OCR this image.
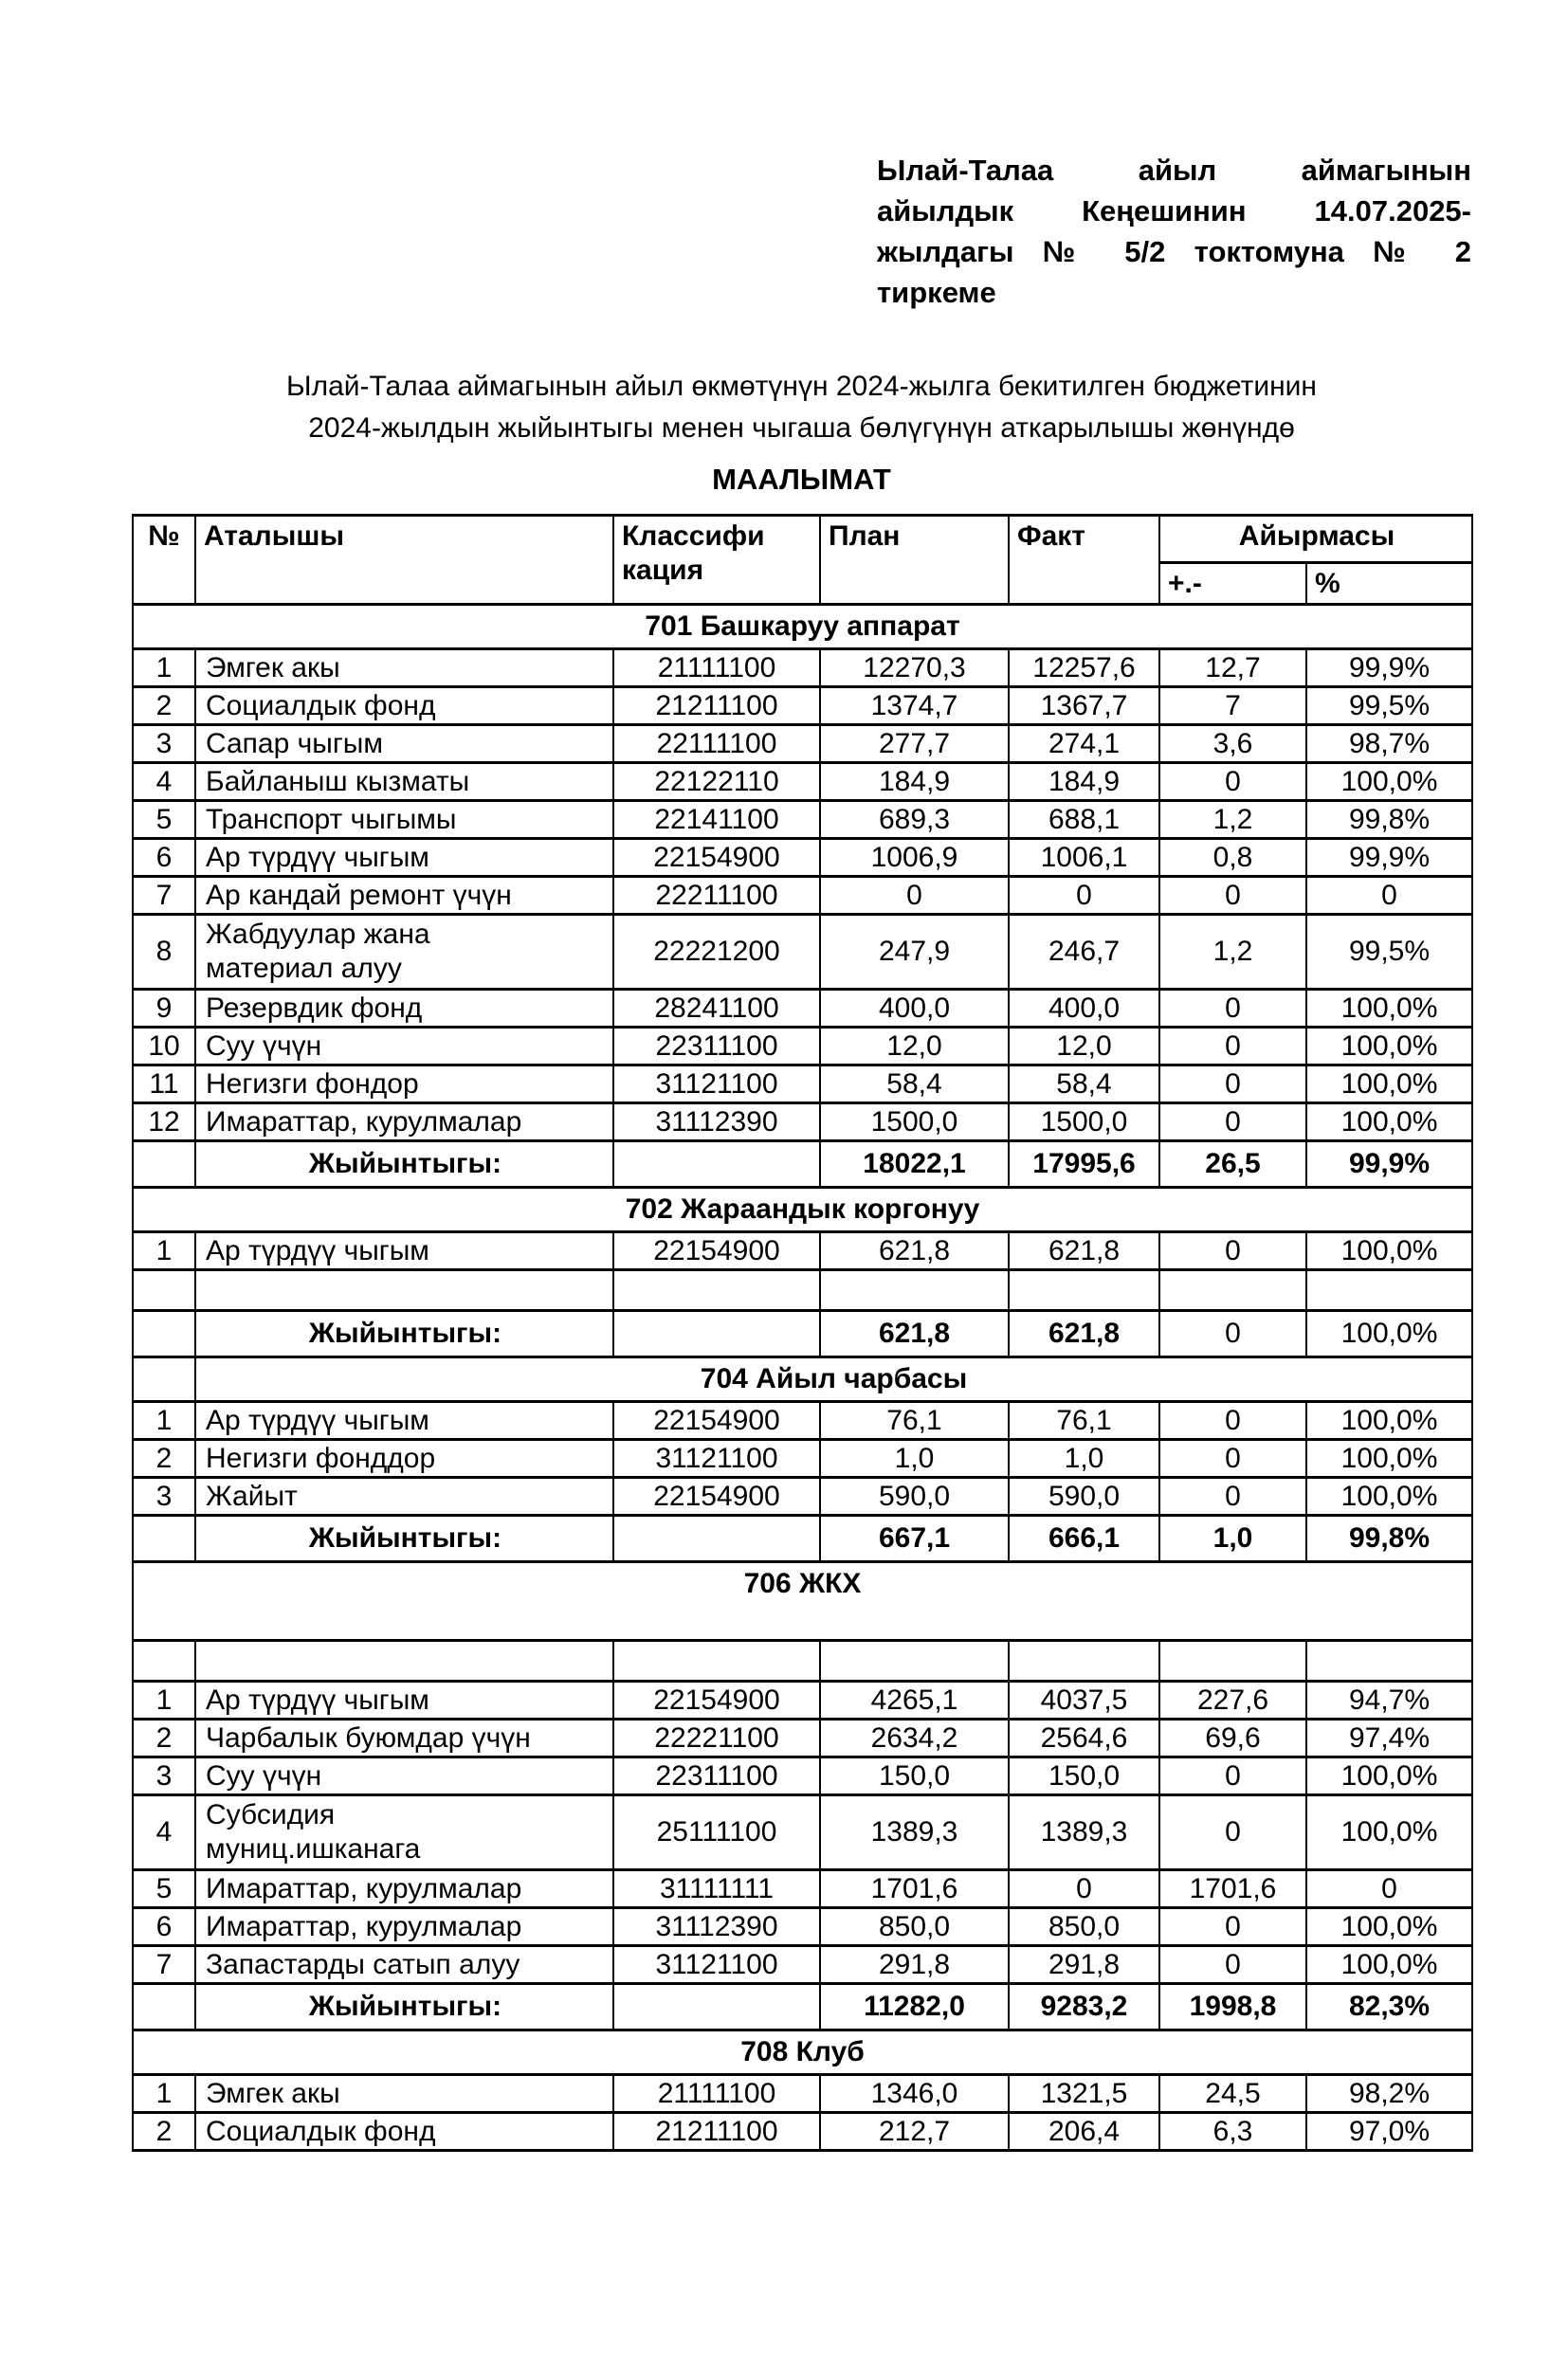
Ылай-Талаа айыл аймагынын
айылдык Кеңешинин 14.07.2025-
жылдагы № 5/2 токтомуна № 2
тиркеме
Ылай-Талаа аймагынын айыл өкмөтүнүн 2024-жылга бекитилген бюджетинин
2024-жылдын жыйынтыгы менен чыгаша бөлүгүнүн аткарылышы жөнүндө
МААЛЫМАТ
№	Аталышы	Классифи
кация	План	Факт	Айырмасы	
					+.-	%
701 Башкаруу аппарат						
1	Эмгек акы	21111100	12270,3	12257,6	12,7	99,9%
2	Социалдык фонд	21211100	1374,7	1367,7	7	99,5%
3	Сапар чыгым	22111100	277,7	274,1	3,6	98,7%
4	Байланыш кызматы	22122110	184,9	184,9	0	100,0%
5	Транспорт чыгымы	22141100	689,3	688,1	1,2	99,8%
6	Ар түрдүү чыгым	22154900	1006,9	1006,1	0,8	99,9%
7	Ар кандай ремонт үчүн	22211100	0	0	0	0
8	Жабдуулар жана
материал алуу	22221200	247,9	246,7	1,2	99,5%
9	Резервдик фонд	28241100	400,0	400,0	0	100,0%
10	Суу үчүн	22311100	12,0	12,0	0	100,0%
11	Негизги фондор	31121100	58,4	58,4	0	100,0%
12	Имараттар, курулмалар	31112390	1500,0	1500,0	0	100,0%
	Жыйынтыгы:		18022,1	17995,6	26,5	99,9%
702 Жараандык коргонуу						
1	Ар түрдүү чыгым	22154900	621,8	621,8	0	100,0%

	Жыйынтыгы:		621,8	621,8	0	100,0%
	704 Айыл чарбасы					
1	Ар түрдүү чыгым	22154900	76,1	76,1	0	100,0%
2	Негизги фонддор	31121100	1,0	1,0	0	100,0%
3	Жайыт	22154900	590,0	590,0	0	100,0%
	Жыйынтыгы:		667,1	666,1	1,0	99,8%
706 ЖКХ						

1	Ар түрдүү чыгым	22154900	4265,1	4037,5	227,6	94,7%
2	Чарбалык буюмдар үчүн	22221100	2634,2	2564,6	69,6	97,4%
3	Суу үчүн	22311100	150,0	150,0	0	100,0%
4	Субсидия
муниц.ишканага	25111100	1389,3	1389,3	0	100,0%
5	Имараттар, курулмалар	31111111	1701,6	0	1701,6	0
6	Имараттар, курулмалар	31112390	850,0	850,0	0	100,0%
7	Запастарды сатып алуу	31121100	291,8	291,8	0	100,0%
	Жыйынтыгы:		11282,0	9283,2	1998,8	82,3%
708 Клуб						
1	Эмгек акы	21111100	1346,0	1321,5	24,5	98,2%
2	Социалдык фонд	21211100	212,7	206,4	6,3	97,0%
